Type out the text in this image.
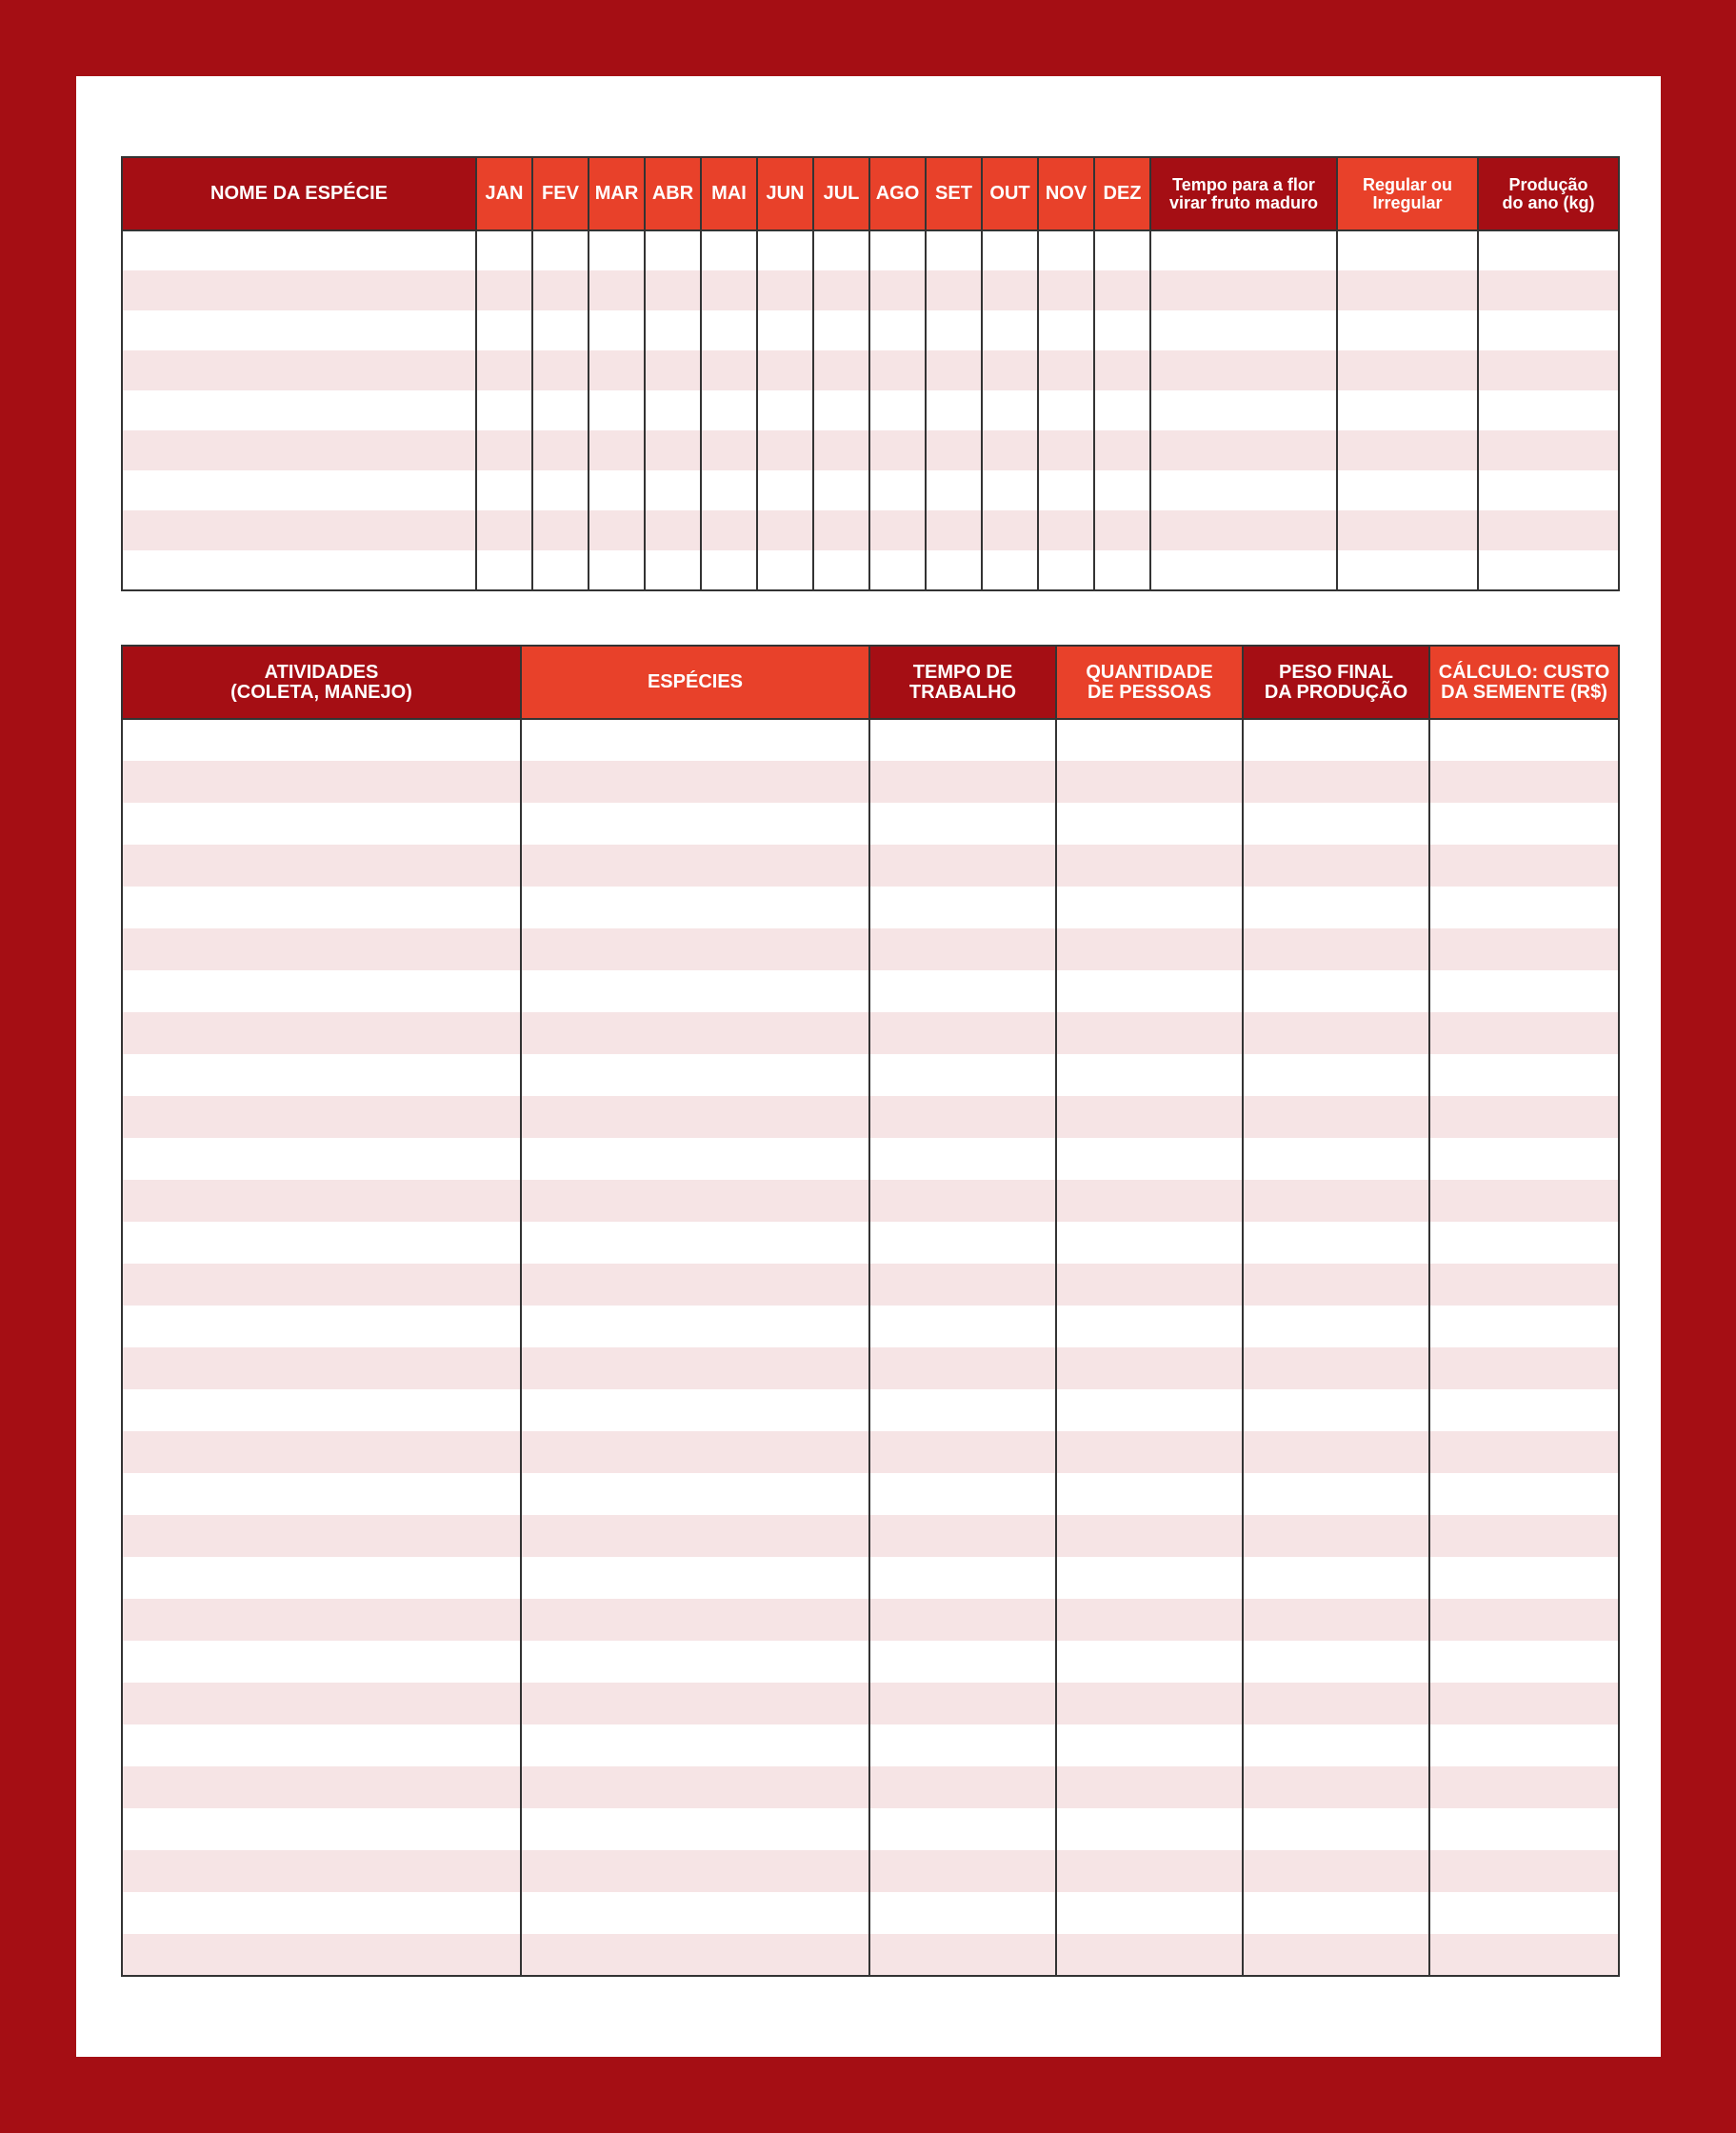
NOME DA ESPÉCIE	JAN	FEV	MAR	ABR	MAI	JUN	JUL	AGO	SET	OUT	NOV	DEZ	Tempo para a flor
virar fruto maduro	Regular ou
Irregular	Produção
do ano (kg)

ATIVIDADES
(COLETA, MANEJO)	ESPÉCIES	TEMPO DE
TRABALHO	QUANTIDADE
DE PESSOAS	PESO FINAL
DA PRODUÇÃO	CÁLCULO: CUSTO
DA SEMENTE (R$)
